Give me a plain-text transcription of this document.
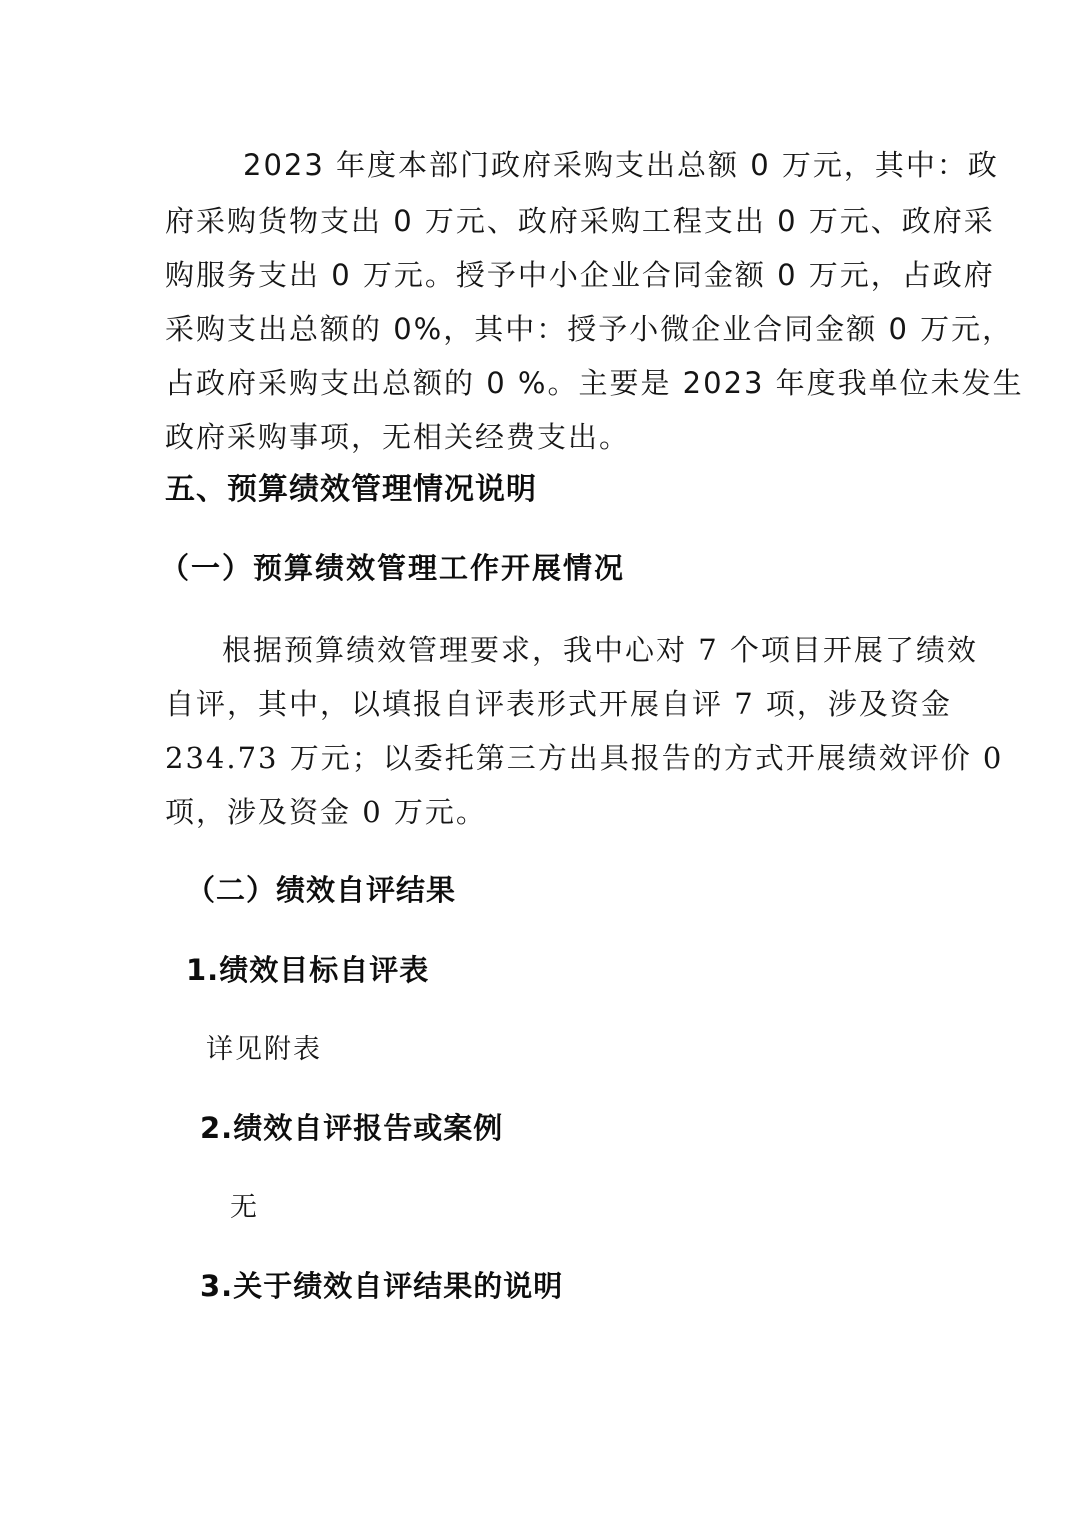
2023 年度本部门政府采购支出总额 0 万元，其中：政
府采购货物支出 0 万元、政府采购工程支出 0 万元、政府采
购服务支出 0 万元。授予中小企业合同金额 0 万元，占政府
采购支出总额的 0%，其中：授予小微企业合同金额 0 万元，
占政府采购支出总额的 0 %。主要是 2023 年度我单位未发生
政府采购事项，无相关经费支出。
五、预算绩效管理情况说明
（一）预算绩效管理工作开展情况
根据预算绩效管理要求，我中心对 7 个项目开展了绩效
自评，其中，以填报自评表形式开展自评 7 项，涉及资金
234.73 万元；以委托第三方出具报告的方式开展绩效评价 0
项，涉及资金 0 万元。
（二）绩效自评结果
1.绩效目标自评表
详见附表
2.绩效自评报告或案例
无
3.关于绩效自评结果的说明
